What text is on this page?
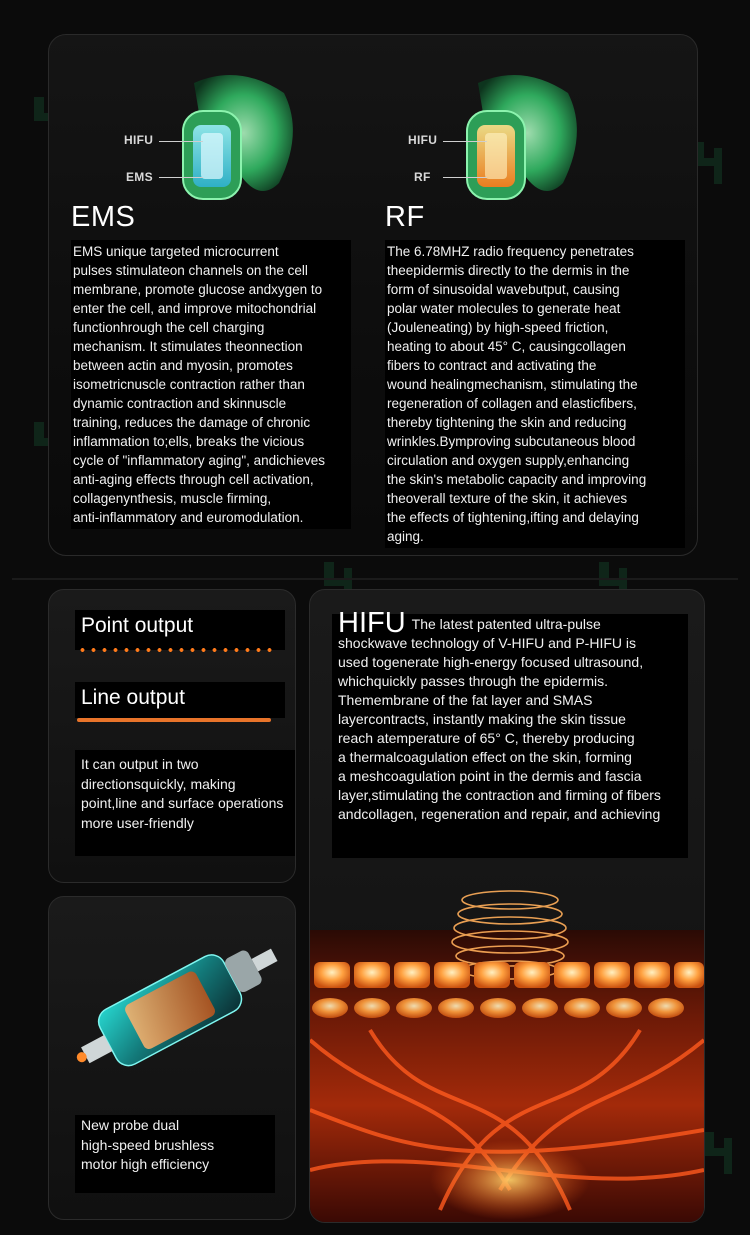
HIFU
EMS
HIFU
RF
EMS	RF
EMS unique targeted microcurrent
pulses stimulateon channels on the cell
membrane, promote glucose andxygen to
enter the cell, and improve mitochondrial
functionhrough the cell charging
mechanism. It stimulates theonnection
between actin and myosin, promotes
isometricnuscle contraction rather than
dynamic contraction and skinnuscle
training, reduces the damage of chronic
inflammation to;ells, breaks the vicious
cycle of "inflammatory aging", andichieves
anti-aging effects through cell activation,
collagenynthesis, muscle firming,
anti-inflammatory and euromodulation.
The 6.78MHZ radio frequency penetrates
theepidermis directly to the dermis in the
form of sinusoidal wavebutput, causing
polar water molecules to generate heat
(Jouleneating) by high-speed friction,
heating to about 45° C, causingcollagen
fibers to contract and activating the
wound healingmechanism, stimulating the
regeneration of collagen and elasticfibers,
thereby tightening the skin and reducing
wrinkles.Bymproving subcutaneous blood
circulation and oxygen supply,enhancing
the skin's metabolic capacity and improving
theoverall texture of the skin, it achieves
the effects of tightening,ifting and delaying
aging.
Point output
Line output
It can output in two
directionsquickly, making
point,line and surface operations
more user-friendly
New probe dual
high-speed brushless
motor high efficiency
HIFU The latest patented ultra-pulse
shockwave technology of V-HIFU and P-HIFU is
used togenerate high-energy focused ultrasound,
whichquickly passes through the epidermis.
Themembrane of the fat layer and SMAS
layercontracts, instantly making the skin tissue
reach atemperature of 65° C, thereby producing
a thermalcoagulation effect on the skin, forming
a meshcoagulation point in the dermis and fascia
layer,stimulating the contraction and firming of fibers
andcollagen, regeneration and repair, and achieving
